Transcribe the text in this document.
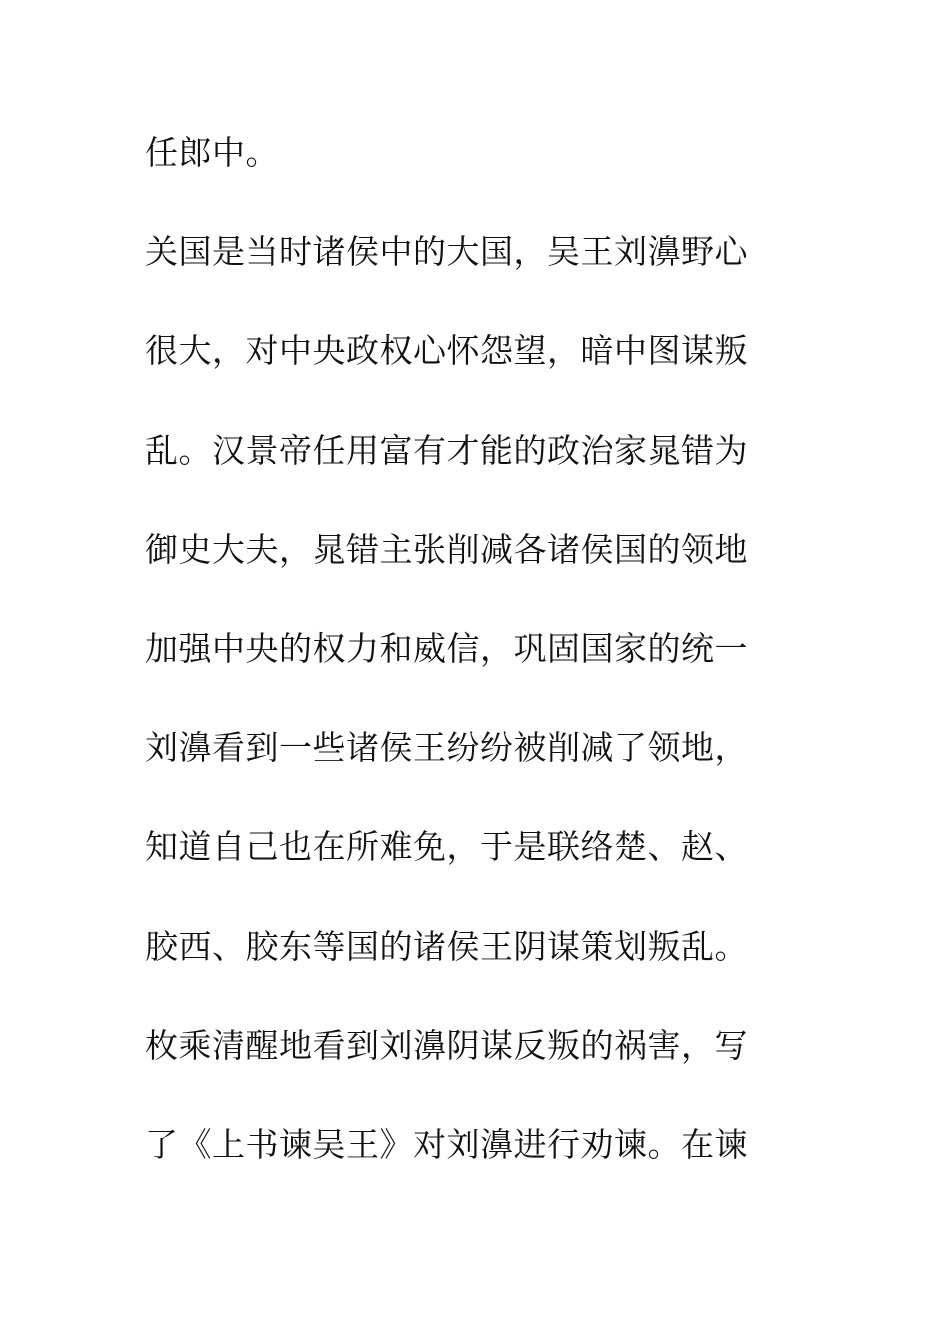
任郎中。
关国是当时诸侯中的大国，吴王刘濞野心
很大，对中央政权心怀怨望，暗中图谋叛
乱。汉景帝任用富有才能的政治家晁错为
御史大夫，晁错主张削减各诸侯国的领地
加强中央的权力和威信，巩固国家的统一
刘濞看到一些诸侯王纷纷被削减了领地，
知道自己也在所难免，于是联络楚、赵、
胶西、胶东等国的诸侯王阴谋策划叛乱。
枚乘清醒地看到刘濞阴谋反叛的祸害，写
了《上书谏吴王》对刘濞进行劝谏。在谏
